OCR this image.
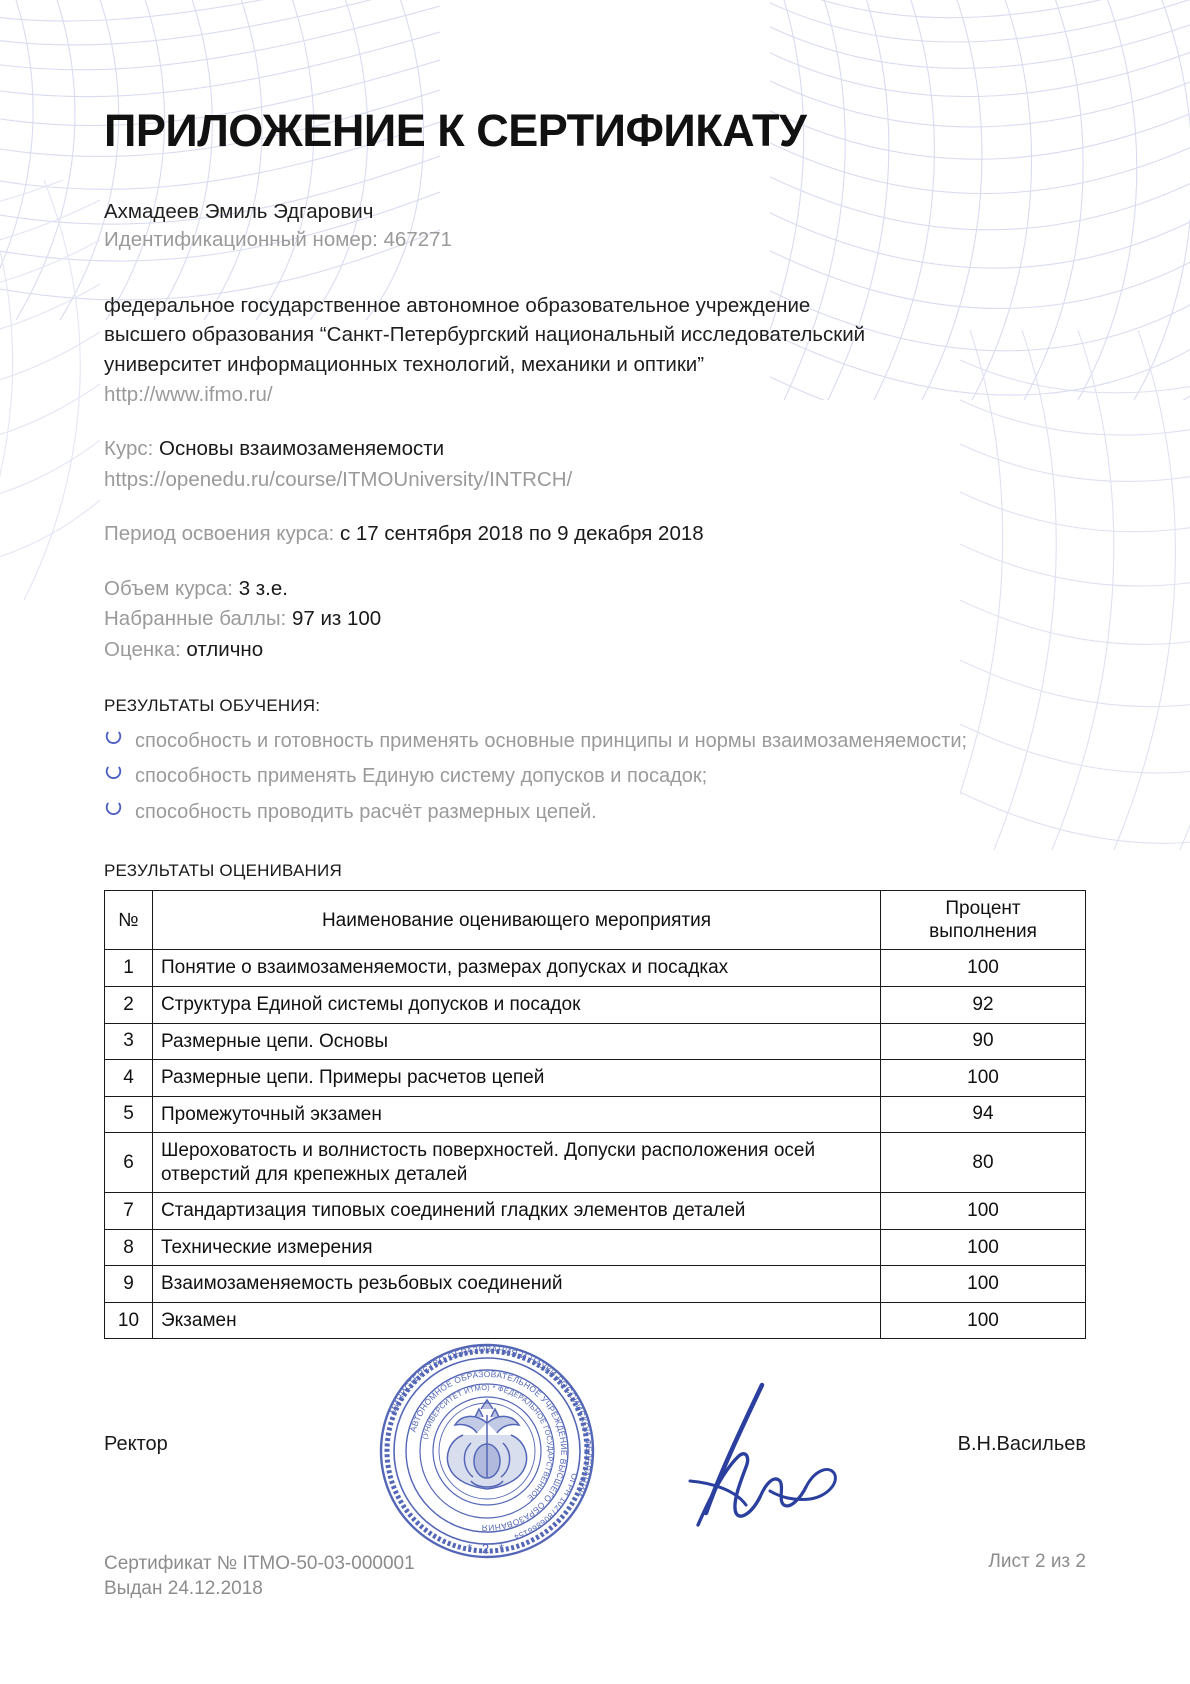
ПРИЛОЖЕНИЕ К СЕРТИФИКАТУ
Ахмадеев Эмиль Эдгарович
Идентификационный номер: 467271
федеральное государственное автономное образовательное учреждение
высшего образования “Санкт-Петербургский национальный исследовательский
университет информационных технологий, механики и оптики”
http://www.ifmo.ru/
Курс: Основы взаимозаменяемости
https://openedu.ru/course/ITMOUniversity/INTRCH/
Период освоения курса: с 17 сентября 2018 по 9 декабря 2018
Объем курса: 3 з.е.
Набранные баллы: 97 из 100
Оценка: отлично
РЕЗУЛЬТАТЫ ОБУЧЕНИЯ:
способность и готовность применять основные принципы и нормы взаимозаменяемости;
способность применять Единую систему допусков и посадок;
способность проводить расчёт размерных цепей.
РЕЗУЛЬТАТЫ ОЦЕНИВАНИЯ
№	Наименование оценивающего мероприятия	Процент
выполнения

1	Понятие о взаимозаменяемости, размерах допусках и посадках	100
2	Структура Единой системы допусков и посадок	92
3	Размерные цепи. Основы	90
4	Размерные цепи. Примеры расчетов цепей	100
5	Промежуточный экзамен	94
6	Шероховатость и волнистость поверхностей. Допуски расположения осей отверстий для крепежных деталей	80
7	Стандартизация типовых соединений гладких элементов деталей	100
8	Технические измерения	100
9	Взаимозаменяемость резьбовых соединений	100
10	Экзамен	100
Ректор
МИНИСТЕРСТВО ОБРАЗОВАНИЯ И НАУКИ РОССИЙСКОЙ ФЕДЕРАЦИИ
ОГРН 1027806868154
АВТОНОМНОЕ ОБРАЗОВАТЕЛЬНОЕ УЧРЕЖДЕНИЕ ВЫСШЕГО ОБРАЗОВАНИЯ
(УНИВЕРСИТЕТ ИТМО) * ФЕДЕРАЛЬНОЕ ГОСУДАРСТВЕННОЕ
* 2 *
В.Н.Васильев
Сертификат № ITMO-50-03-000001
Выдан 24.12.2018
Лист 2 из 2
